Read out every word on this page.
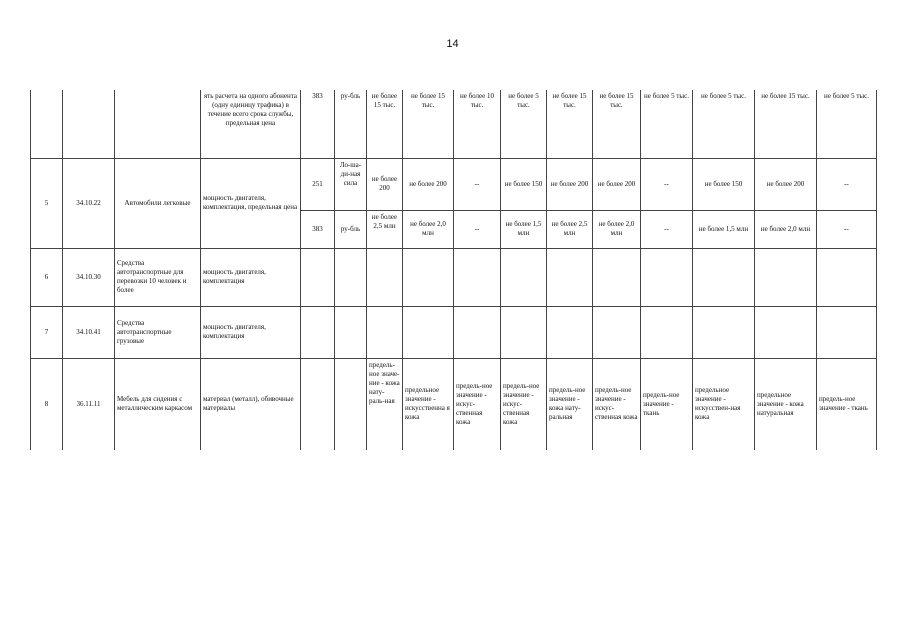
14
			ять расчета на одного абонента (одну единицу трафика) в течение всего срока службы, предельная цена	383	ру-бль	не более 15 тыс.	не более 15 тыс.	не более 10 тыс.	не более 5 тыс.	не более 15 тыс.	не более 15 тыс.	не более 5 тыс.	не более 5 тыс.	не более 15 тыс.	не более 5 тыс.
5	34.10.22	Автомобили легковые	мощность двигателя, комплектация, предельная цена	251	Ло-ша-ди-ная сила	не более 200	не более 200	--	не более 150	не более 200	не более 200	--	не более 150	не более 200	--
				383	ру-бль	не более 2,5 млн	не более 2,0 млн	--	не более 1,5 млн	не более 2,5 млн	не более 2,0 млн	--	не более 1,5 млн	не более 2,0 млн	--
6	34.10.30	Средства автотранспортные для перевозки 10 человек и более	мощность двигателя, комплектация												
7	34.10.41	Средства автотранспортные грузовые	мощность двигателя, комплектация												
8	36.11.11	Мебель для сидения с металлическим каркасом	материал (металл), обивочные материалы			предель-ное значе-ние - кожа нату-раль-ная	предельное значение - искусственна я кожа	предель-ное значение - искус-ственная кожа	предель-ное значение - искус-ственная кожа	предель-ное значение - кожа нату-ральная	предель-ное значение - искус-ственная кожа	предель-ное значение - ткань	предельное значение - искусствен-ная кожа	предельное значение - кожа натуральная	предель-ное значение - ткань
